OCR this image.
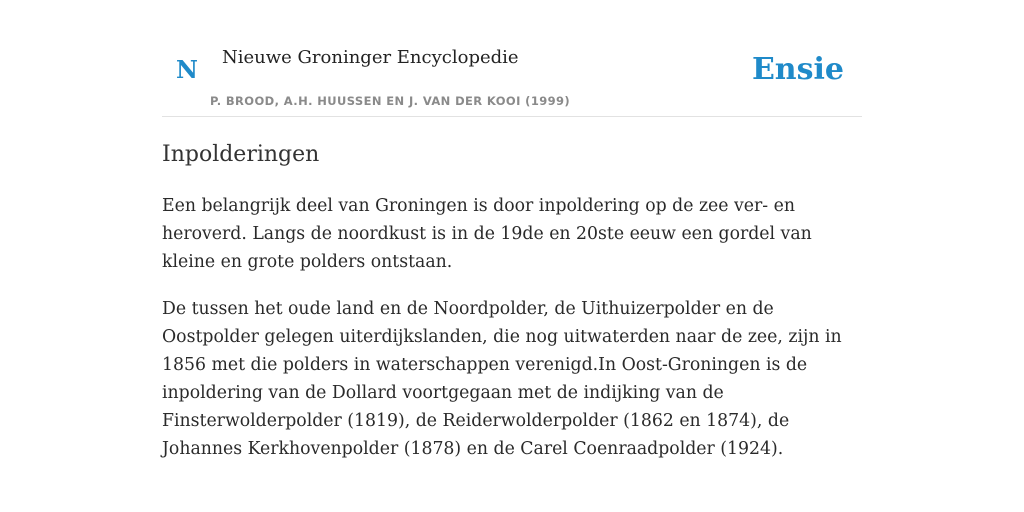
N Nieuwe Groninger Encyclopedie
P. BROOD, A.H. HUUSSEN EN J. VAN DER KOOI (1999)
Ensie
Inpolderingen

Een belangrijk deel van Groningen is door inpoldering op de zee ver- en heroverd. Langs de noordkust is in de 19de en 20ste eeuw een gordel van kleine en grote polders ontstaan.

De tussen het oude land en de Noordpolder, de Uithuizerpolder en de Oostpolder gelegen uiterdijkslanden, die nog uitwaterden naar de zee, zijn in 1856 met die polders in waterschappen verenigd.In Oost-Groningen is de inpoldering van de Dollard voortgegaan met de indijking van de Finsterwolderpolder (1819), de Reiderwolderpolder (1862 en 1874), de Johannes Kerkhovenpolder (1878) en de Carel Coenraadpolder (1924).
